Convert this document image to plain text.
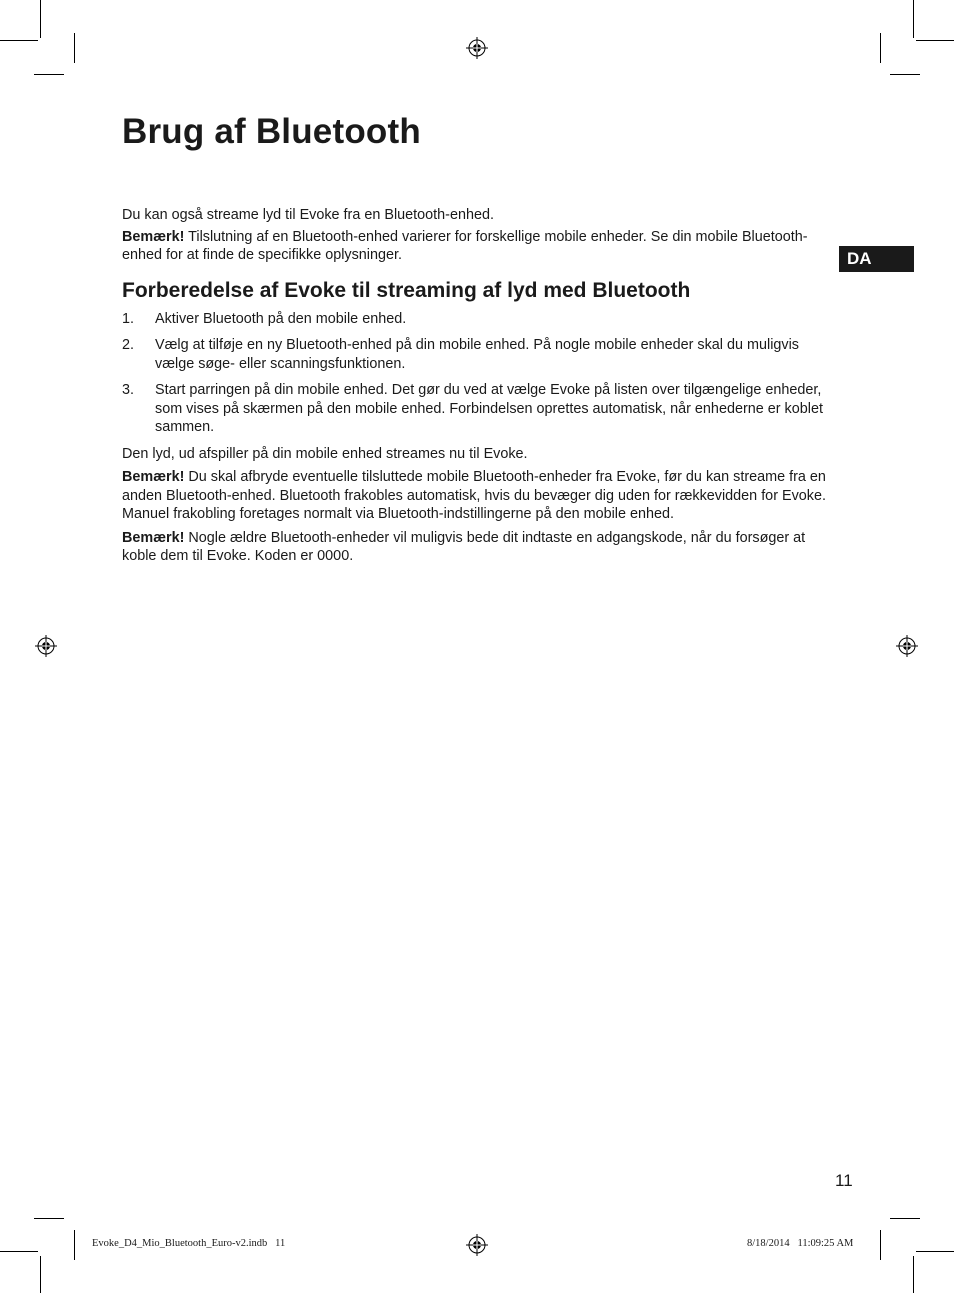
Brug af Bluetooth
DA

Du kan også streame lyd til Evoke fra en Bluetooth-enhed.

Bemærk! Tilslutning af en Bluetooth-enhed varierer for forskellige mobile enheder. Se din mobile Bluetooth-enhed for at finde de specifikke oplysninger.

Forberedelse af Evoke til streaming af lyd med Bluetooth
1. Aktiver Bluetooth på den mobile enhed.
2. Vælg at tilføje en ny Bluetooth-enhed på din mobile enhed. På nogle mobile enheder skal du muligvis vælge søge- eller scanningsfunktionen.
3. Start parringen på din mobile enhed. Det gør du ved at vælge Evoke på listen over tilgængelige enheder, som vises på skærmen på den mobile enhed. Forbindelsen oprettes automatisk, når enhederne er koblet sammen.

Den lyd, ud afspiller på din mobile enhed streames nu til Evoke.

Bemærk! Du skal afbryde eventuelle tilsluttede mobile Bluetooth-enheder fra Evoke, før du kan streame fra en anden Bluetooth-enhed. Bluetooth frakobles automatisk, hvis du bevæger dig uden for rækkevidden for Evoke. Manuel frakobling foretages normalt via Bluetooth-indstillingerne på den mobile enhed.

Bemærk! Nogle ældre Bluetooth-enheder vil muligvis bede dit indtaste en adgangskode, når du forsøger at koble dem til Evoke. Koden er 0000.

11
Evoke_D4_Mio_Bluetooth_Euro-v2.indb   11	8/18/2014   11:09:25 AM
